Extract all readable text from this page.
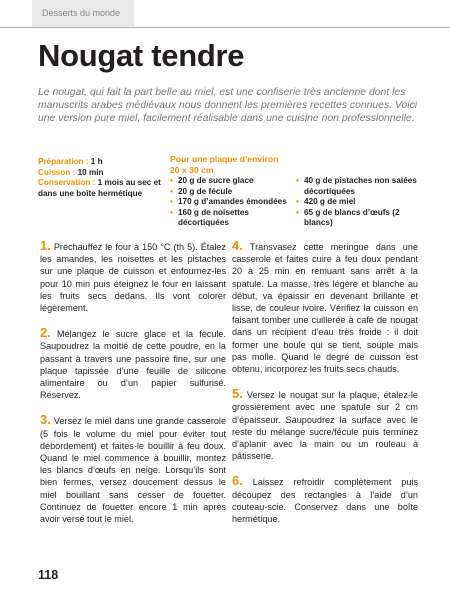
Desserts du monde
Nougat tendre

Le nougat, qui fait la part belle au miel, est une confiserie très ancienne dont les manuscrits arabes médiévaux nous donnent les premières recettes connues. Voici une version pure miel, facilement réalisable dans une cuisine non professionnelle.

Préparation : 1 h

Cuisson : 10 min

Conservation : 1 mois au sec et dans une boîte hermétique

Pour une plaque d’environ 20 x 30 cm
• 20 g de sucre glace
• 20 g de fécule
• 170 g d’amandes émondées
• 160 g de noisettes décortiquées
• 40 g de pistaches non salées décortiquées
• 420 g de miel
• 65 g de blancs d’œufs (2 blancs)

1. Préchauffez le four à 150 °C (th 5). Étalez les amandes, les noisettes et les pistaches sur une plaque de cuisson et enfournez-les pour 10 min puis éteignez le four en laissant les fruits secs dedans. Ils vont colorer légèrement.

2. Mélangez le sucre glace et la fécule. Saupoudrez la moitié de cette poudre, en la passant à travers une passoire fine, sur une plaque tapissée d’une feuille de silicone alimentaire ou d’un papier sulfurisé. Réservez.

3. Versez le miel dans une grande casserole (5 fois le volume du miel pour éviter tout débordement) et faites-le bouillir à feu doux. Quand le miel commence à bouillir, montez les blancs d’œufs en neige. Lorsqu’ils sont bien fermes, versez doucement dessus le miel bouillant sans cesser de fouetter. Continuez de fouetter encore 1 min après avoir versé tout le miel.

4. Transvasez cette meringue dans une casserole et faites cuire à feu doux pendant 20 à 25 min en remuant sans arrêt à la spatule. La masse, très légère et blanche au début, va épaissir en devenant brillante et lisse, de couleur ivoire. Vérifiez la cuisson en faisant tomber une cuillerée à café de nougat dans un récipient d’eau très froide : il doit former une boule qui se tient, souple mais pas molle. Quand le degré de cuisson est obtenu, incorporez les fruits secs chauds.

5. Versez le nougat sur la plaque, étalez-le grossièrement avec une spatule sur 2 cm d’épaisseur. Saupoudrez la surface avec le reste du mélange sucre/fécule puis terminez d’aplanir avec la main ou un rouleau à pâtisserie.

6. Laissez refroidir complètement puis découpez des rectangles à l’aide d’un couteau-scie. Conservez dans une boîte hermétique.

118
